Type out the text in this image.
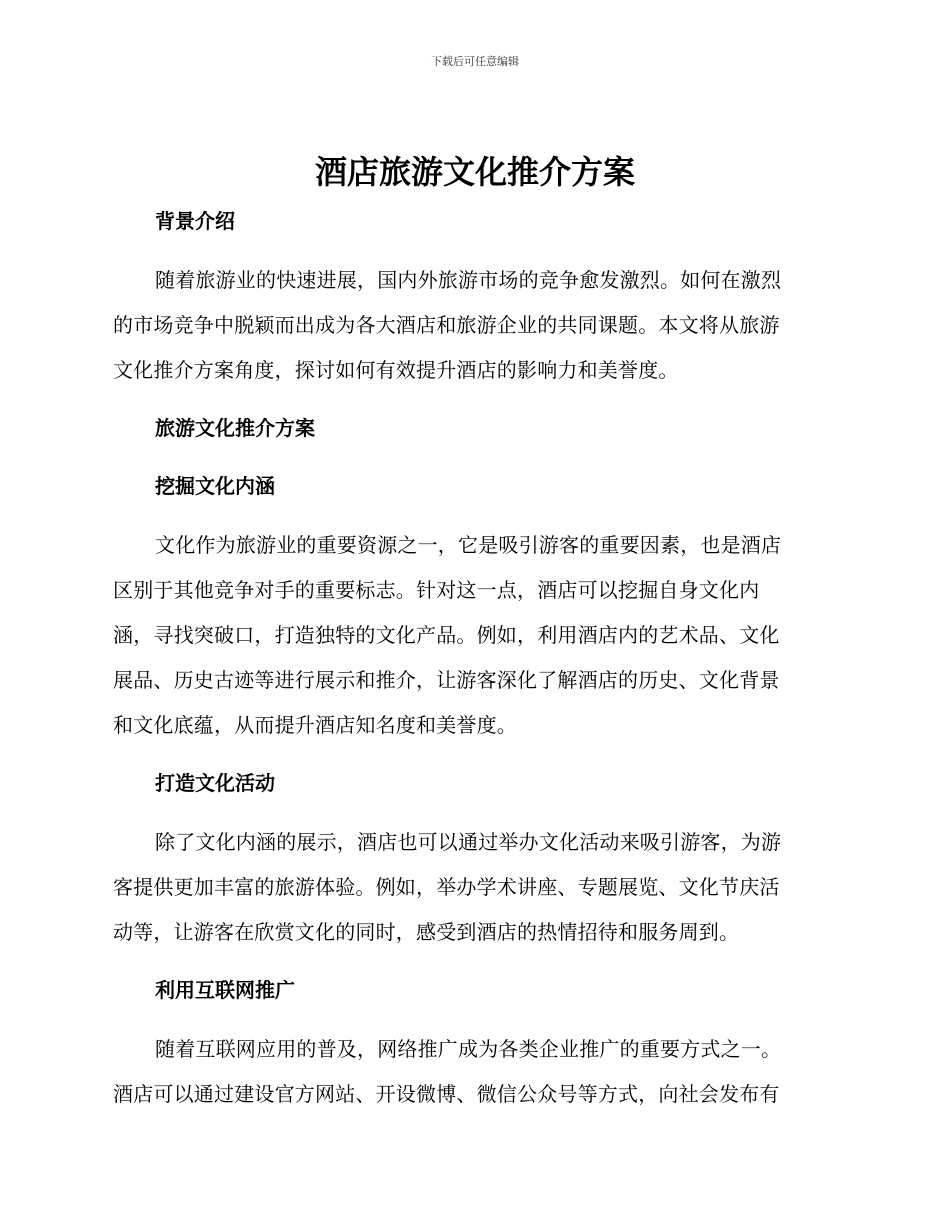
下载后可任意编辑
酒店旅游文化推介方案
背景介绍
随着旅游业的快速进展，国内外旅游市场的竞争愈发激烈。如何在激烈
的市场竞争中脱颖而出成为各大酒店和旅游企业的共同课题。本文将从旅游
文化推介方案角度，探讨如何有效提升酒店的影响力和美誉度。
旅游文化推介方案
挖掘文化内涵
文化作为旅游业的重要资源之一，它是吸引游客的重要因素，也是酒店
区别于其他竞争对手的重要标志。针对这一点，酒店可以挖掘自身文化内
涵，寻找突破口，打造独特的文化产品。例如，利用酒店内的艺术品、文化
展品、历史古迹等进行展示和推介，让游客深化了解酒店的历史、文化背景
和文化底蕴，从而提升酒店知名度和美誉度。
打造文化活动
除了文化内涵的展示，酒店也可以通过举办文化活动来吸引游客，为游
客提供更加丰富的旅游体验。例如，举办学术讲座、专题展览、文化节庆活
动等，让游客在欣赏文化的同时，感受到酒店的热情招待和服务周到。
利用互联网推广
随着互联网应用的普及，网络推广成为各类企业推广的重要方式之一。
酒店可以通过建设官方网站、开设微博、微信公众号等方式，向社会发布有
